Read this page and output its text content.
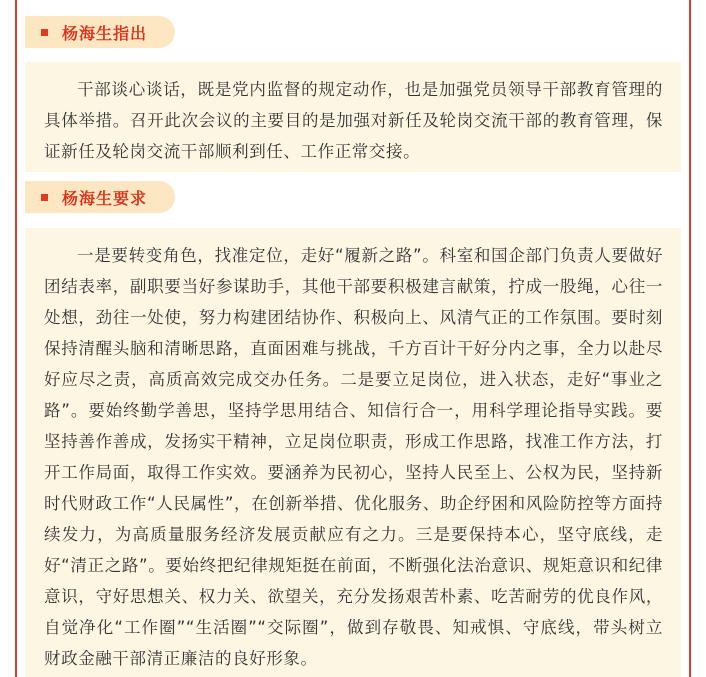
杨海生指出

干部谈心谈话，既是党内监督的规定动作，也是加强党员领导干部教育管理的具体举措。召开此次会议的主要目的是加强对新任及轮岗交流干部的教育管理，保证新任及轮岗交流干部顺利到任、工作正常交接。

杨海生要求

一是要转变角色，找准定位，走好“履新之路”。科室和国企部门负责人要做好团结表率，副职要当好参谋助手，其他干部要积极建言献策，拧成一股绳，心往一处想，劲往一处使，努力构建团结协作、积极向上、风清气正的工作氛围。要时刻保持清醒头脑和清晰思路，直面困难与挑战，千方百计干好分内之事，全力以赴尽好应尽之责，高质高效完成交办任务。二是要立足岗位，进入状态，走好“事业之路”。要始终勤学善思，坚持学思用结合、知信行合一，用科学理论指导实践。要坚持善作善成，发扬实干精神，立足岗位职责，形成工作思路，找准工作方法，打开工作局面，取得工作实效。要涵养为民初心，坚持人民至上、公权为民，坚持新时代财政工作“人民属性”，在创新举措、优化服务、助企纾困和风险防控等方面持续发力，为高质量服务经济发展贡献应有之力。三是要保持本心，坚守底线，走好“清正之路”。要始终把纪律规矩挺在前面，不断强化法治意识、规矩意识和纪律意识，守好思想关、权力关、欲望关，充分发扬艰苦朴素、吃苦耐劳的优良作风，自觉净化“工作圈”“生活圈”“交际圈”，做到存敬畏、知戒惧、守底线，带头树立财政金融干部清正廉洁的良好形象。
